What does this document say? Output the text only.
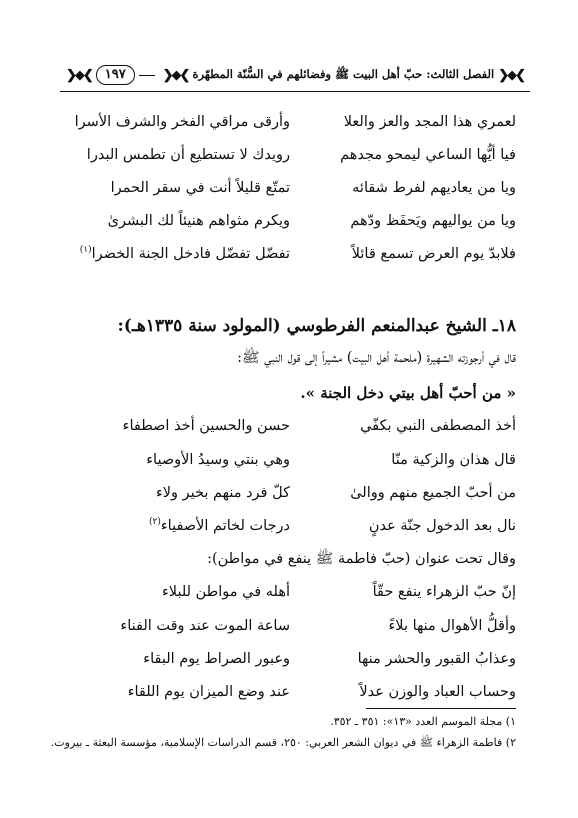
❯◆❮
الفصل الثالث: حبّ أهل البيت ﷺ وفضائلهم في السُّنّة المطهّرة
❯◆❮
١٩٧
❯◆❮
لعمري هذا المجد والعز والعلا
وأرقى مراقي الفخر والشرف الأسرا
فيا أيُّها الساعي ليمحو مجدهم
رويدك لا تستطيع أن تطمس البدرا
ويا من يعاديهم لفرط شقائه
تمتّع قليلاً أنت في سقر الحمرا
ويا من يواليهم ويَحفَظ ودّهم
ويكرم مثواهم هنيئاً لك البشرىٰ
فلابدّ يوم العرض تسمع قائلاً
تفضّل تفضّل فادخل الجنة الخضرا$^{(١)}$
١٨ـ الشيخ عبدالمنعم الفرطوسي (المولود سنة ١٣٣٥هـ):
قال في أرجوزته الشهيرة (ملحمة أهل البيت) مشيراً إلى قول النبي ﷺ:
« من أحبّ أهل بيتي دخل الجنة ».
أخذ المصطفى النبي بكفّي
حسن والحسين أخذ اصطفاء
قال هذان والزكية منّا
وهي بنتي وسيدُ الأوصياء
من أحبّ الجميع منهم ووالىٰ
كلّ فرد منهم بخير ولاء
نال بعد الدخول جنّة عدنٍ
درجات لخاتم الأصفياء$^{(٢)}$
وقال تحت عنوان (حبّ فاطمة ﷺ ينفع في مواطن):
إنّ حبّ الزهراء ينفع حقّاً
أهله في مواطن للبلاء
وأقلُّ الأهوال منها بلاءً
ساعة الموت عند وقت الفناء
وعذابُ القبور والحشر منها
وعبور الصراط يوم البقاء
وحساب العباد والوزن عدلاً
عند وضع الميزان يوم اللقاء
١) مجلة الموسم العدد «١٣»: ٣٥١ ـ ٣٥٢.
٢) فاطمة الزهراء ﷺ في ديوان الشعر العربي: ٢٥٠، قسم الدراسات الإسلامية، مؤسسة البعثة ـ بيروت.
